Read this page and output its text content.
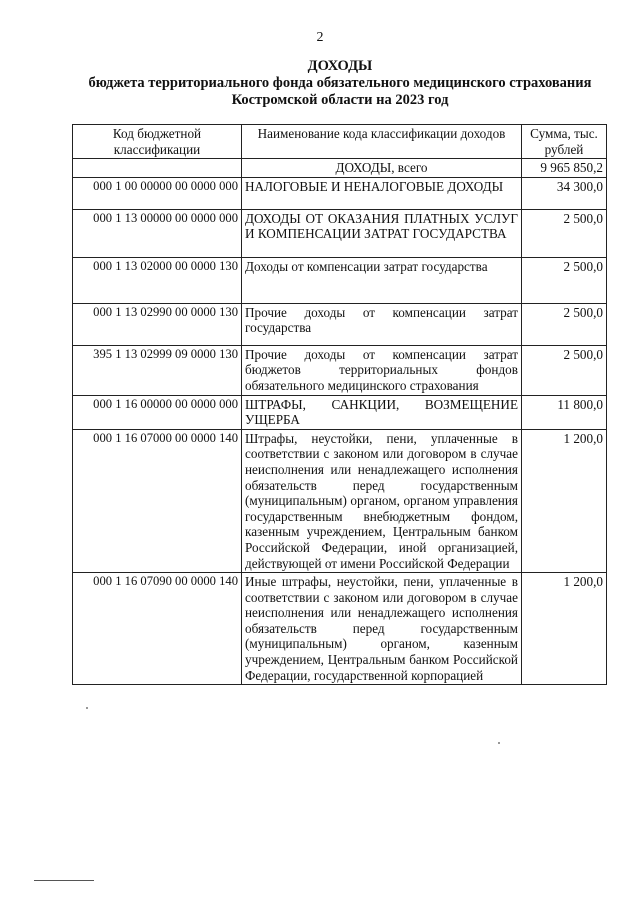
2
ДОХОДЫ
бюджета территориального фонда обязательного медицинского страхования
Костромской области на 2023 год
Код бюджетной классификации	Наименование кода классификации доходов	Сумма, тыс. рублей
	ДОХОДЫ, всего	9 965 850,2
000 1 00 00000 00 0000 000	НАЛОГОВЫЕ И НЕНАЛОГОВЫЕ ДОХОДЫ	34 300,0
000 1 13 00000 00 0000 000	ДОХОДЫ ОТ ОКАЗАНИЯ ПЛАТНЫХ УСЛУГ И КОМПЕНСАЦИИ ЗАТРАТ ГОСУДАРСТВА	2 500,0
000 1 13 02000 00 0000 130	Доходы от компенсации затрат государства	2 500,0
000 1 13 02990 00 0000 130	Прочие доходы от компенсации затрат государства	2 500,0
395 1 13 02999 09 0000 130	Прочие доходы от компенсации затрат бюджетов территориальных фондов обязательного медицинского страхования	2 500,0
000 1 16 00000 00 0000 000	ШТРАФЫ, САНКЦИИ, ВОЗМЕЩЕНИЕ УЩЕРБА	11 800,0
000 1 16 07000 00 0000 140	Штрафы, неустойки, пени, уплаченные в соответствии с законом или договором в случае неисполнения или ненадлежащего исполнения обязательств перед государственным (муниципальным) органом, органом управления государственным внебюджетным фондом, казенным учреждением, Центральным банком Российской Федерации, иной организацией, действующей от имени Российской Федерации	1 200,0
000 1 16 07090 00 0000 140	Иные штрафы, неустойки, пени, уплаченные в соответствии с законом или договором в случае неисполнения или ненадлежащего исполнения обязательств перед государственным (муниципальным) органом, казенным учреждением, Центральным банком Российской Федерации, государственной корпорацией	1 200,0
